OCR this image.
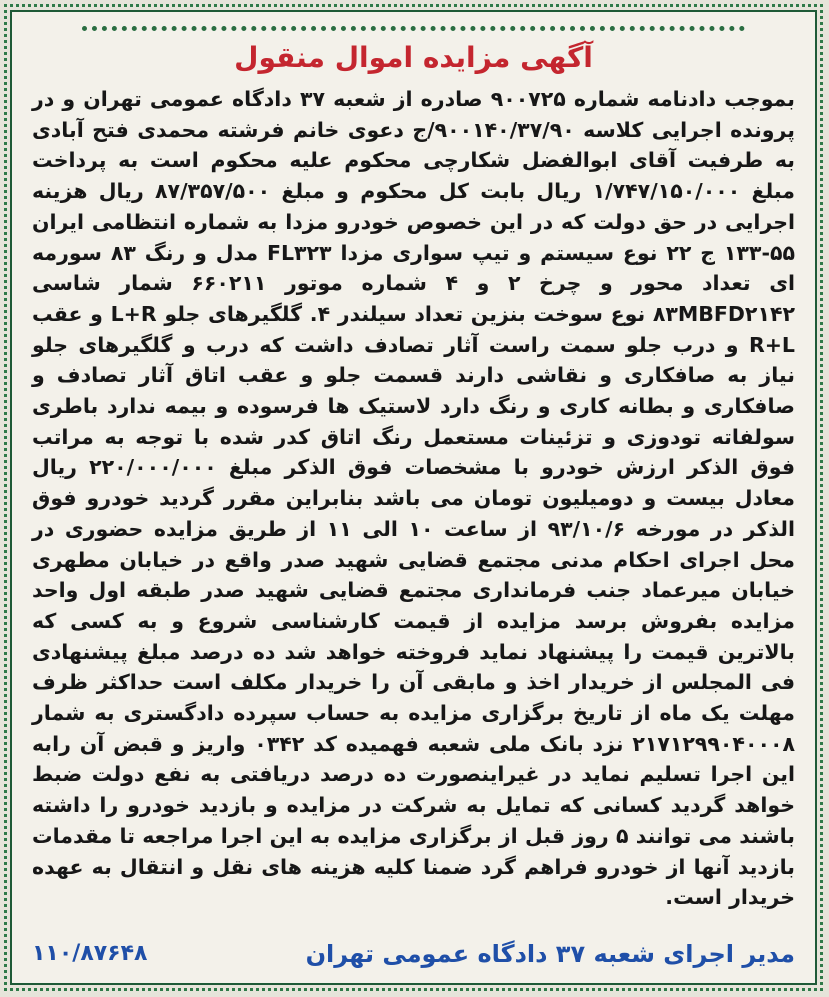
آگهی مزایده اموال منقول

بموجب دادنامه شماره ۹۰۰۷۲۵ صادره از شعبه ۳۷ دادگاه عمومی تهران و در پرونده اجرایی کلاسه ۹۰۰۱۴۰/۳۷/۹۰/ج دعوی خانم فرشته محمدی فتح آبادی به طرفیت آقای ابوالفضل شکارچی محکوم علیه محکوم است به پرداخت مبلغ ۱/۷۴۷/۱۵۰/۰۰۰ ریال بابت کل محکوم و مبلغ ۸۷/۳۵۷/۵۰۰ ریال هزینه اجرایی در حق دولت که در این خصوص خودرو مزدا به شماره انتظامی ایران ۵۵-۱۳۳ ج ۲۲ نوع سیستم و تیپ سواری مزدا FL۳۲۳ مدل و رنگ ۸۳ سورمه ای تعداد محور و چرخ ۲ و ۴ شماره موتور ۶۶۰۲۱۱ شمار شاسی ۸۳MBFD۲۱۴۲ نوع سوخت بنزین تعداد سیلندر ۴. گلگیرهای جلو L+R و عقب R+L و درب جلو سمت راست آثار تصادف داشت که درب و گلگیرهای جلو نیاز به صافکاری و نقاشی دارند قسمت جلو و عقب اتاق آثار تصادف و صافکاری و بطانه کاری و رنگ دارد لاستیک ها فرسوده و بیمه ندارد باطری سولفاته تودوزی و تزئینات مستعمل رنگ اتاق کدر شده با توجه به مراتب فوق الذکر ارزش خودرو با مشخصات فوق الذکر مبلغ ۲۲۰/۰۰۰/۰۰۰ ریال معادل بیست و دومیلیون تومان می باشد بنابراین مقرر گردید خودرو فوق الذکر در مورخه ۹۳/۱۰/۶ از ساعت ۱۰ الی ۱۱ از طریق مزایده حضوری در محل اجرای احکام مدنی مجتمع قضایی شهید صدر واقع در خیابان مطهری خیابان میرعماد جنب فرمانداری مجتمع قضایی شهید صدر طبقه اول واحد مزایده بفروش برسد مزایده از قیمت کارشناسی شروع و به کسی که بالاترین قیمت را پیشنهاد نماید فروخته خواهد شد ده درصد مبلغ پیشنهادی فی المجلس از خریدار اخذ و مابقی آن را خریدار مکلف است حداکثر ظرف مهلت یک ماه از تاریخ برگزاری مزایده به حساب سپرده دادگستری به شمار ۲۱۷۱۲۹۹۰۴۰۰۰۸ نزد بانک ملی شعبه فهمیده کد ۰۳۴۲ واریز و قبض آن رابه این اجرا تسلیم نماید در غیراینصورت ده درصد دریافتی به نفع دولت ضبط خواهد گردید کسانی که تمایل به شرکت در مزایده و بازدید خودرو را داشته باشند می توانند ۵ روز قبل از برگزاری مزایده به این اجرا مراجعه تا مقدمات بازدید آنها از خودرو فراهم گرد ضمنا کلیه هزینه های نقل و انتقال به عهده خریدار است.

مدیر اجرای شعبه ۳۷ دادگاه عمومی تهران
۱۱۰/۸۷۶۴۸
